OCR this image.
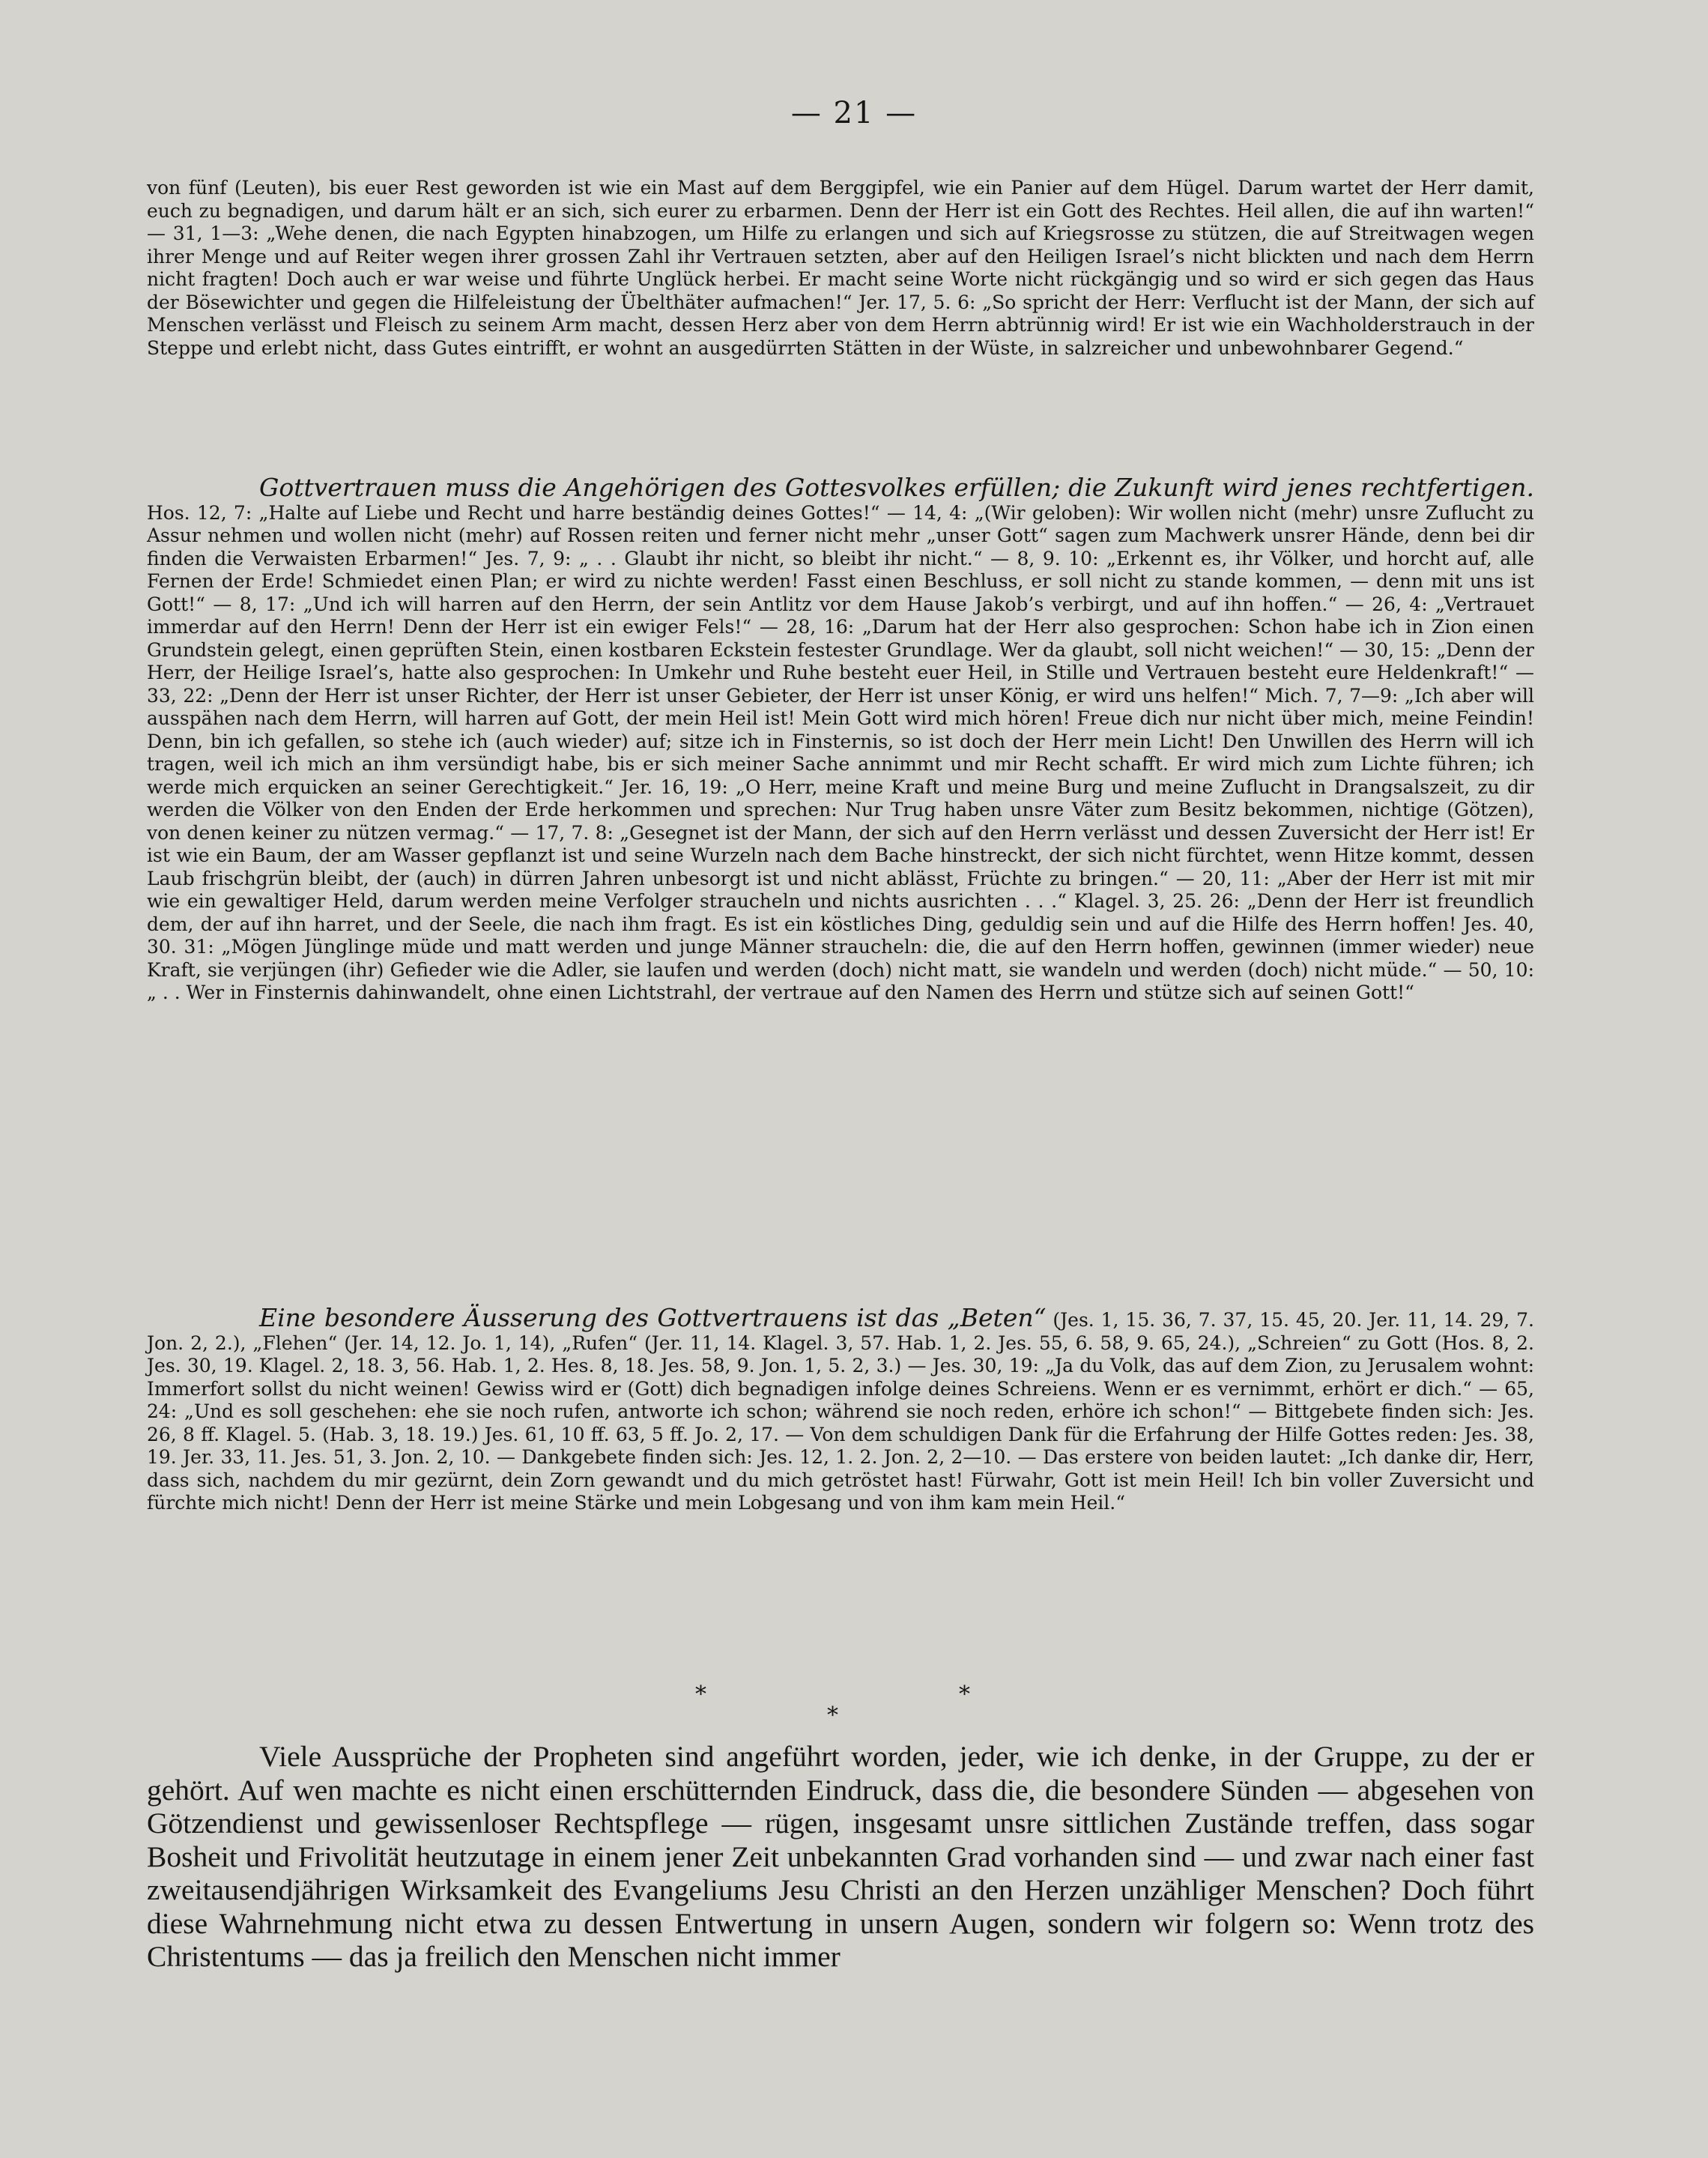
— 21 —

von fünf (Leuten), bis euer Rest geworden ist wie ein Mast auf dem Berggipfel, wie ein Panier auf dem Hügel. Darum wartet der Herr damit, euch zu begnadigen, und darum hält er an sich, sich eurer zu erbarmen. Denn der Herr ist ein Gott des Rechtes. Heil allen, die auf ihn warten!“ — 31, 1—3: „Wehe denen, die nach Egypten hinabzogen, um Hilfe zu erlangen und sich auf Kriegsrosse zu stützen, die auf Streitwagen wegen ihrer Menge und auf Reiter wegen ihrer grossen Zahl ihr Vertrauen setzten, aber auf den Heiligen Israel’s nicht blickten und nach dem Herrn nicht fragten! Doch auch er war weise und führte Unglück herbei. Er macht seine Worte nicht rückgängig und so wird er sich gegen das Haus der Bösewichter und gegen die Hilfeleistung der Übelthäter aufmachen!“ Jer. 17, 5. 6: „So spricht der Herr: Verflucht ist der Mann, der sich auf Menschen verlässt und Fleisch zu seinem Arm macht, dessen Herz aber von dem Herrn abtrünnig wird! Er ist wie ein Wachholderstrauch in der Steppe und erlebt nicht, dass Gutes eintrifft, er wohnt an ausgedürrten Stätten in der Wüste, in salzreicher und unbewohnbarer Gegend.“

Gottvertrauen muss die Angehörigen des Gottesvolkes erfüllen; die Zukunft wird jenes rechtfertigen. Hos. 12, 7: „Halte auf Liebe und Recht und harre beständig deines Gottes!“ — 14, 4: „(Wir geloben): Wir wollen nicht (mehr) unsre Zuflucht zu Assur nehmen und wollen nicht (mehr) auf Rossen reiten und ferner nicht mehr „unser Gott“ sagen zum Machwerk unsrer Hände, denn bei dir finden die Verwaisten Erbarmen!“ Jes. 7, 9: „ . . Glaubt ihr nicht, so bleibt ihr nicht.“ — 8, 9. 10: „Erkennt es, ihr Völker, und horcht auf, alle Fernen der Erde! Schmiedet einen Plan; er wird zu nichte werden! Fasst einen Beschluss, er soll nicht zu stande kommen, — denn mit uns ist Gott!“ — 8, 17: „Und ich will harren auf den Herrn, der sein Antlitz vor dem Hause Jakob’s verbirgt, und auf ihn hoffen.“ — 26, 4: „Vertrauet immerdar auf den Herrn! Denn der Herr ist ein ewiger Fels!“ — 28, 16: „Darum hat der Herr also gesprochen: Schon habe ich in Zion einen Grundstein gelegt, einen geprüften Stein, einen kostbaren Eckstein festester Grundlage. Wer da glaubt, soll nicht weichen!“ — 30, 15: „Denn der Herr, der Heilige Israel’s, hatte also gesprochen: In Umkehr und Ruhe besteht euer Heil, in Stille und Vertrauen besteht eure Heldenkraft!“ — 33, 22: „Denn der Herr ist unser Richter, der Herr ist unser Gebieter, der Herr ist unser König, er wird uns helfen!“ Mich. 7, 7—9: „Ich aber will ausspähen nach dem Herrn, will harren auf Gott, der mein Heil ist! Mein Gott wird mich hören! Freue dich nur nicht über mich, meine Feindin! Denn, bin ich gefallen, so stehe ich (auch wieder) auf; sitze ich in Finsternis, so ist doch der Herr mein Licht! Den Unwillen des Herrn will ich tragen, weil ich mich an ihm versündigt habe, bis er sich meiner Sache annimmt und mir Recht schafft. Er wird mich zum Lichte führen; ich werde mich erquicken an seiner Gerechtigkeit.“ Jer. 16, 19: „O Herr, meine Kraft und meine Burg und meine Zuflucht in Drangsalszeit, zu dir werden die Völker von den Enden der Erde herkommen und sprechen: Nur Trug haben unsre Väter zum Besitz bekommen, nichtige (Götzen), von denen keiner zu nützen vermag.“ — 17, 7. 8: „Gesegnet ist der Mann, der sich auf den Herrn verlässt und dessen Zuversicht der Herr ist! Er ist wie ein Baum, der am Wasser gepflanzt ist und seine Wurzeln nach dem Bache hinstreckt, der sich nicht fürchtet, wenn Hitze kommt, dessen Laub frischgrün bleibt, der (auch) in dürren Jahren unbesorgt ist und nicht ablässt, Früchte zu bringen.“ — 20, 11: „Aber der Herr ist mit mir wie ein gewaltiger Held, darum werden meine Verfolger straucheln und nichts ausrichten . . .“ Klagel. 3, 25. 26: „Denn der Herr ist freundlich dem, der auf ihn harret, und der Seele, die nach ihm fragt. Es ist ein köstliches Ding, geduldig sein und auf die Hilfe des Herrn hoffen! Jes. 40, 30. 31: „Mögen Jünglinge müde und matt werden und junge Männer straucheln: die, die auf den Herrn hoffen, gewinnen (immer wieder) neue Kraft, sie verjüngen (ihr) Gefieder wie die Adler, sie laufen und werden (doch) nicht matt, sie wandeln und werden (doch) nicht müde.“ — 50, 10: „ . . Wer in Finsternis dahinwandelt, ohne einen Lichtstrahl, der vertraue auf den Namen des Herrn und stütze sich auf seinen Gott!“

Eine besondere Äusserung des Gottvertrauens ist das „Beten“ (Jes. 1, 15. 36, 7. 37, 15. 45, 20. Jer. 11, 14. 29, 7. Jon. 2, 2.), „Flehen“ (Jer. 14, 12. Jo. 1, 14), „Rufen“ (Jer. 11, 14. Klagel. 3, 57. Hab. 1, 2. Jes. 55, 6. 58, 9. 65, 24.), „Schreien“ zu Gott (Hos. 8, 2. Jes. 30, 19. Klagel. 2, 18. 3, 56. Hab. 1, 2. Hes. 8, 18. Jes. 58, 9. Jon. 1, 5. 2, 3.) — Jes. 30, 19: „Ja du Volk, das auf dem Zion, zu Jerusalem wohnt: Immerfort sollst du nicht weinen! Gewiss wird er (Gott) dich begnadigen infolge deines Schreiens. Wenn er es vernimmt, erhört er dich.“ — 65, 24: „Und es soll geschehen: ehe sie noch rufen, antworte ich schon; während sie noch reden, erhöre ich schon!“ — Bittgebete finden sich: Jes. 26, 8 ff. Klagel. 5. (Hab. 3, 18. 19.) Jes. 61, 10 ff. 63, 5 ff. Jo. 2, 17. — Von dem schuldigen Dank für die Erfahrung der Hilfe Gottes reden: Jes. 38, 19. Jer. 33, 11. Jes. 51, 3. Jon. 2, 10. — Dankgebete finden sich: Jes. 12, 1. 2. Jon. 2, 2—10. — Das erstere von beiden lautet: „Ich danke dir, Herr, dass sich, nachdem du mir gezürnt, dein Zorn gewandt und du mich getröstet hast! Fürwahr, Gott ist mein Heil! Ich bin voller Zuversicht und fürchte mich nicht! Denn der Herr ist meine Stärke und mein Lobgesang und von ihm kam mein Heil.“

*
*
*

Viele Aussprüche der Propheten sind angeführt worden, jeder, wie ich denke, in der Gruppe, zu der er gehört. Auf wen machte es nicht einen erschütternden Eindruck, dass die, die besondere Sünden — abgesehen von Götzendienst und gewissenloser Rechtspflege — rügen, insgesamt unsre sittlichen Zustände treffen, dass sogar Bosheit und Frivolität heutzutage in einem jener Zeit unbekannten Grad vorhanden sind — und zwar nach einer fast zweitausendjährigen Wirksamkeit des Evangeliums Jesu Christi an den Herzen unzähliger Menschen? Doch führt diese Wahrnehmung nicht etwa zu dessen Entwertung in unsern Augen, sondern wir folgern so: Wenn trotz des Christentums — das ja freilich den Menschen nicht immer
